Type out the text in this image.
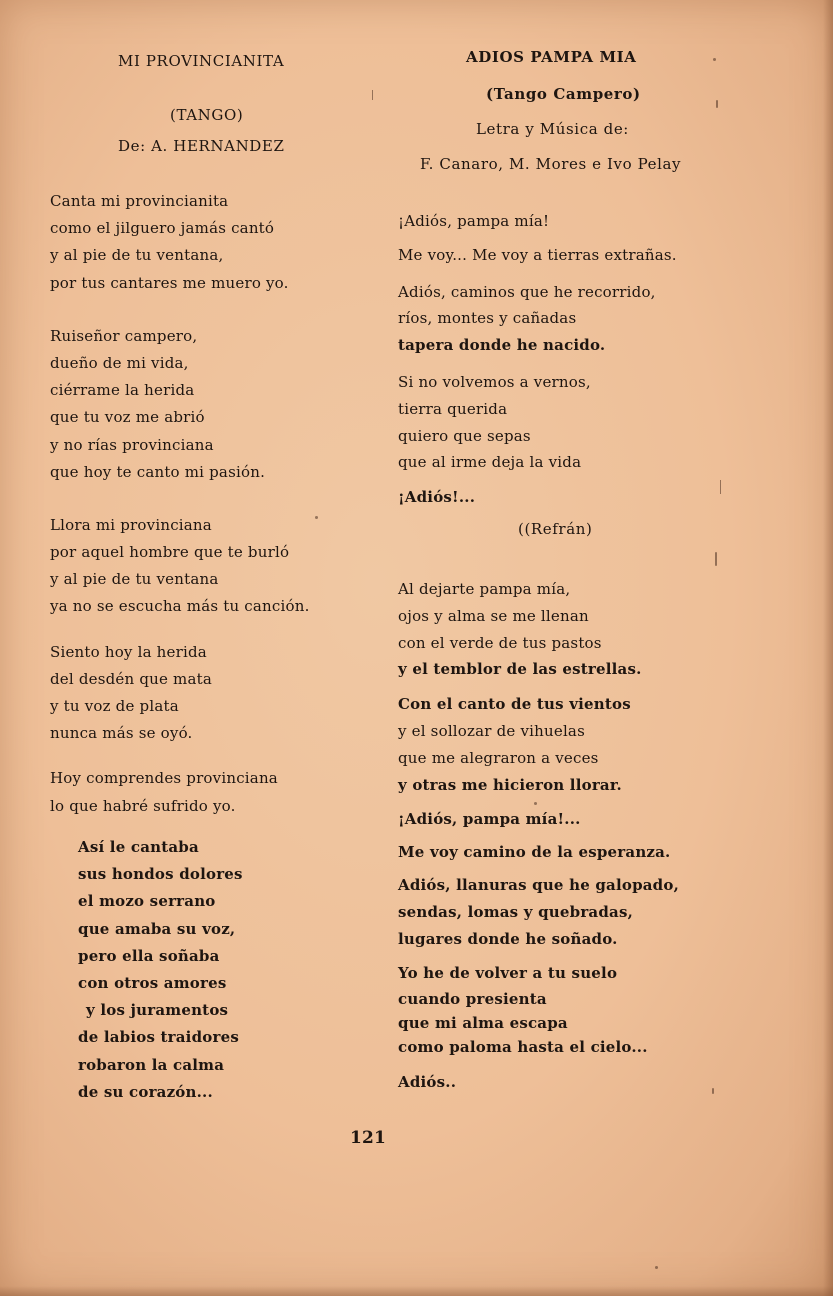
MI PROVINCIANITA
(TANGO)
De: A. HERNANDEZ
Canta mi provincianita
como el jilguero jamás cantó
y al pie de tu ventana,
por tus cantares me muero yo.
Ruiseñor campero,
dueño de mi vida,
ciérrame la herida
que tu voz me abrió
y no rías provinciana
que hoy te canto mi pasión.
Llora mi provinciana
por aquel hombre que te burló
y al pie de tu ventana
ya no se escucha más tu canción.
Siento hoy la herida
del desdén que mata
y tu voz de plata
nunca más se oyó.
Hoy comprendes provinciana
lo que habré sufrido yo.
Así le cantaba
sus hondos dolores
el mozo serrano
que amaba su voz,
pero ella soñaba
con otros amores
y los juramentos
de labios traidores
robaron la calma
de su corazón...
ADIOS PAMPA MIA
(Tango Campero)
Letra y Música de:
F. Canaro, M. Mores e Ivo Pelay
¡Adiós, pampa mía!
Me voy... Me voy a tierras extrañas.
Adiós, caminos que he recorrido,
ríos, montes y cañadas
tapera donde he nacido.
Si no volvemos a vernos,
tierra querida
quiero que sepas
que al irme deja la vida
¡Adiós!...
((Refrán)
Al dejarte pampa mía,
ojos y alma se me llenan
con el verde de tus pastos
y el temblor de las estrellas.
Con el canto de tus vientos
y el sollozar de vihuelas
que me alegraron a veces
y otras me hicieron llorar.
¡Adiós, pampa mía!...
Me voy camino de la esperanza.
Adiós, llanuras que he galopado,
sendas, lomas y quebradas,
lugares donde he soñado.
Yo he de volver a tu suelo
cuando presienta
que mi alma escapa
como paloma hasta el cielo...
Adiós..
121
